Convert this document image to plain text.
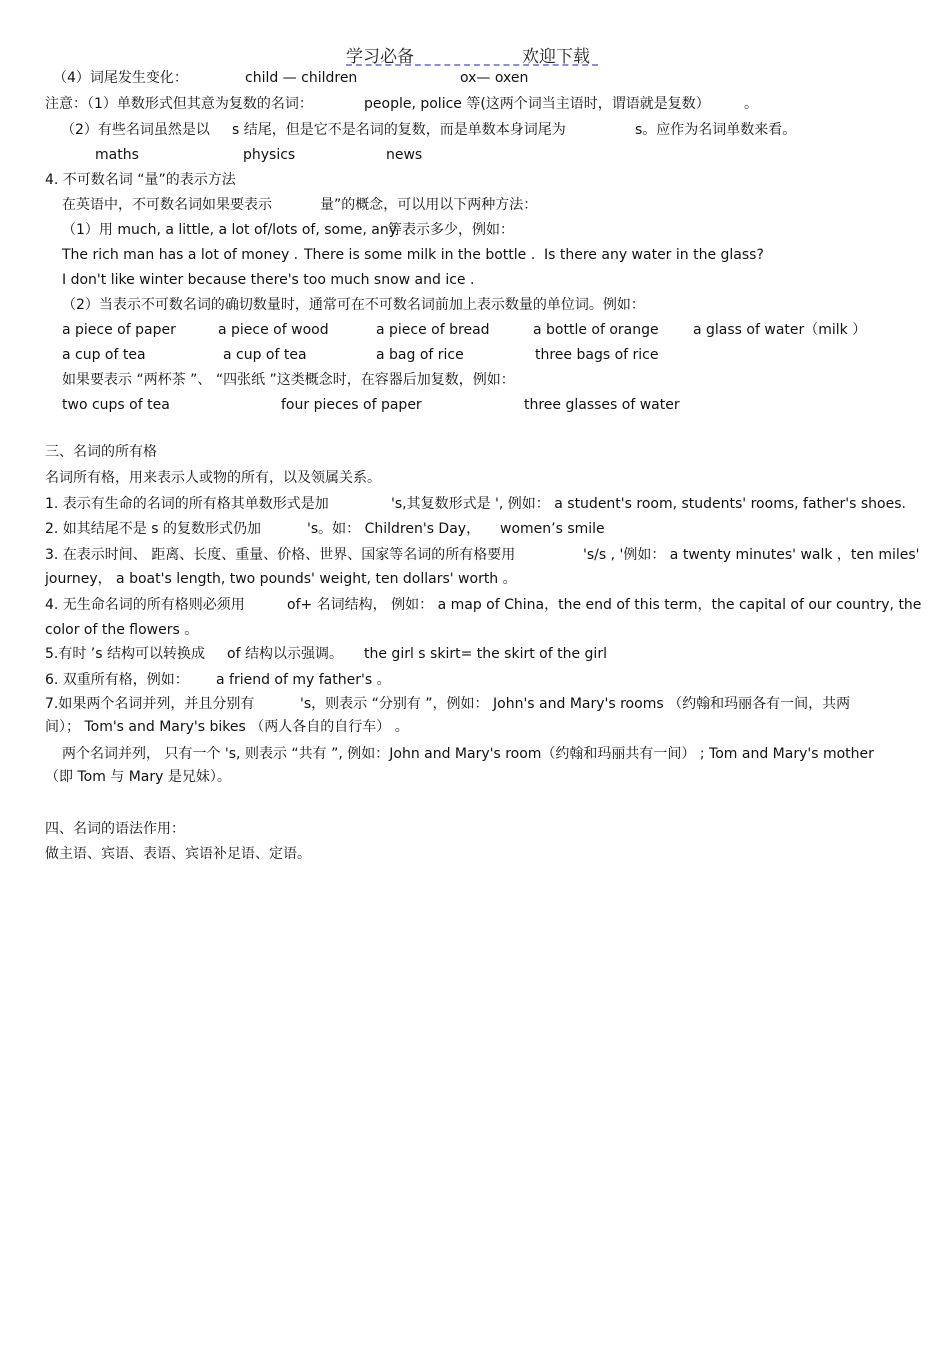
学习必备	欢迎下载
（4）词尾发生变化：	child — children	ox— oxen
注意：（1）单数形式但其意为复数的名词：	people, police 等(这两个词当主语时，谓语就是复数） 。
（2）有些名词虽然是以 s 结尾，但是它不是名词的复数，而是单数本身词尾为	s。应作为名词单数来看。
maths	physics	news
4. 不可数名词 “量”的表示方法
在英语中，不可数名词如果要表示	量”的概念，可以用以下两种方法：
（1）用 much, a little, a lot of/lots of, some, any
等表示多少，例如：
The rich man has a lot of money . There is some milk in the bottle . Is there any water in the glass?
I don't like winter because there's too much snow and ice .
（2）当表示不可数名词的确切数量时，通常可在不可数名词前加上表示数量的单位词。例如：
a piece of paper	a piece of wood	a piece of bread	a bottle of orange a glass of water（milk ）
a cup of tea	a cup of tea	a bag of rice	three bags of rice
如果要表示 “两杯茶 ”、 “四张纸 ”这类概念时，在容器后加复数，例如：
two cups of tea	four pieces of paper	three glasses of water
三、名词的所有格
名词所有格，用来表示人或物的所有，以及领属关系。
1. 表示有生命的名词的所有格其单数形式是加	's,其复数形式是 ', 例如： a student's room, students' rooms, father's shoes.
2. 如其结尾不是 s 的复数形式仍加	's。如： Children's Day， women’s smile
3. 在表示时间、 距离、长度、重量、价格、世界、国家等名词的所有格要用	's/s , '例如： a twenty minutes' walk ，ten miles'
journey， a boat's length, two pounds' weight, ten dollars' worth 。
4. 无生命名词的所有格则必须用	of+ 名词结构， 例如： a map of China，the end of this term，the capital of our country, the
color of the flowers 。
5.有时 ’s 结构可以转换成 of 结构以示强调。 the girl s skirt= the skirt of the girl
6. 双重所有格，例如： a friend of my father's 。
7.如果两个名词并列，并且分别有	's，则表示 “分别有 ”，例如： John's and Mary's rooms （约翰和玛丽各有一间，共两
间）； Tom's and Mary's bikes （两人各自的自行车） 。
两个名词并列， 只有一个 's, 则表示 “共有 ”, 例如：John and Mary's room（约翰和玛丽共有一间） ; Tom and Mary's mother
（即 Tom 与 Mary 是兄妹）。
四、名词的语法作用：
做主语、宾语、表语、宾语补足语、定语。
